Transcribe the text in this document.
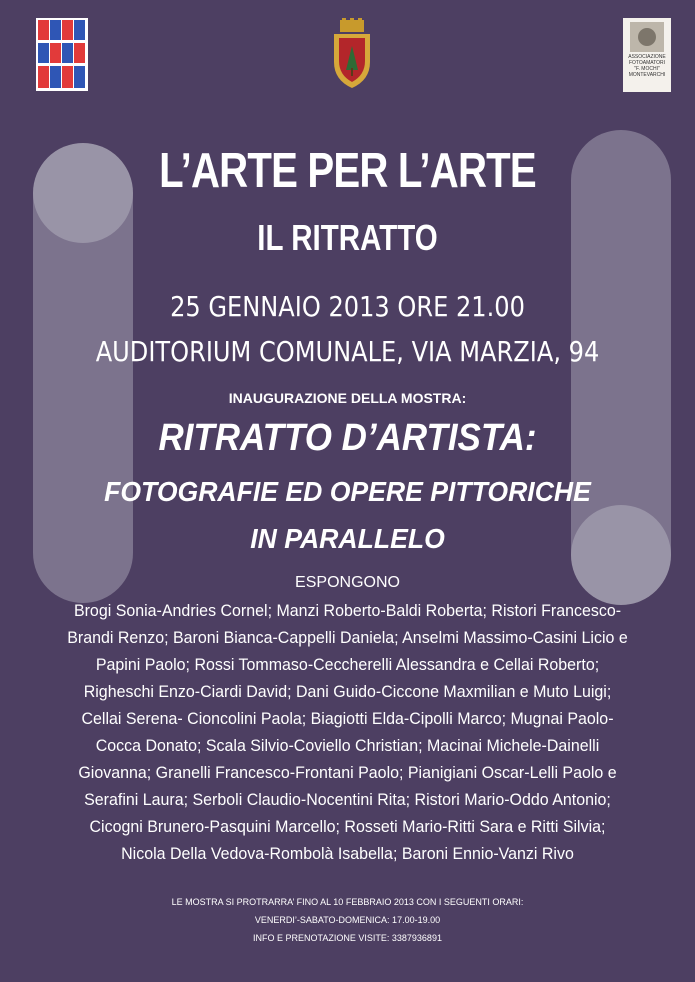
ASSOCIAZIONE
FOTOAMATORI
"F. MOCHI"
MONTEVARCHI
L’ARTE PER L’ARTE
IL RITRATTO
25 GENNAIO 2013 ORE 21.00
AUDITORIUM COMUNALE, VIA MARZIA, 94
INAUGURAZIONE DELLA MOSTRA:
RITRATTO D’ARTISTA:
FOTOGRAFIE ED OPERE PITTORICHE
IN PARALLELO
ESPONGONO
Brogi Sonia-Andries Cornel; Manzi Roberto-Baldi Roberta; Ristori Francesco-
Brandi Renzo; Baroni Bianca-Cappelli Daniela; Anselmi Massimo-Casini Licio e
Papini Paolo; Rossi Tommaso-Ceccherelli Alessandra e Cellai Roberto;
Righeschi Enzo-Ciardi David; Dani Guido-Ciccone Maxmilian e Muto Luigi;
Cellai Serena- Cioncolini Paola; Biagiotti Elda-Cipolli Marco; Mugnai Paolo-
Cocca Donato; Scala Silvio-Coviello Christian; Macinai Michele-Dainelli
Giovanna; Granelli Francesco-Frontani Paolo; Pianigiani Oscar-Lelli Paolo e
Serafini Laura; Serboli Claudio-Nocentini Rita; Ristori Mario-Oddo Antonio;
Cicogni Brunero-Pasquini Marcello; Rosseti Mario-Ritti Sara e Ritti Silvia;
Nicola Della Vedova-Rombolà Isabella; Baroni Ennio-Vanzi Rivo
LE MOSTRA SI PROTRARRA’ FINO AL 10 FEBBRAIO 2013 CON I SEGUENTI ORARI:
VENERDI’-SABATO-DOMENICA: 17.00-19.00
INFO E PRENOTAZIONE VISITE: 3387936891
